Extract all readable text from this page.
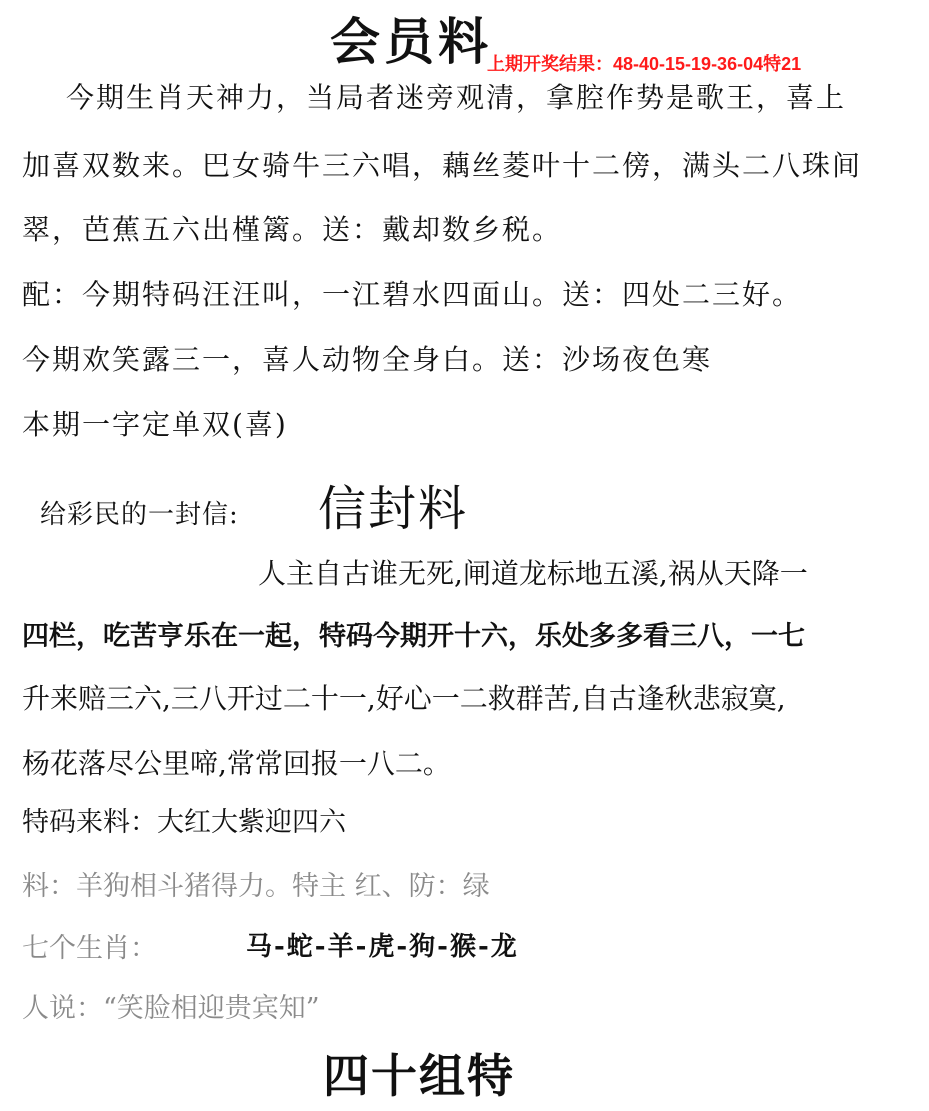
会员料
上期开奖结果：48-40-15-19-36-04特21
今期生肖天神力，当局者迷旁观清，拿腔作势是歌王，喜上
加喜双数来。巴女骑牛三六唱，藕丝菱叶十二傍，满头二八珠间
翠，芭蕉五六出槿篱。送：戴却数乡税。
配：今期特码汪汪叫，一江碧水四面山。送：四处二三好。
今期欢笑露三一，喜人动物全身白。送：沙场夜色寒
本期一字定单双(喜)
给彩民的一封信: 信封料
人主自古谁无死,闸道龙标地五溪,祸从天降一
四栏，吃苦亨乐在一起，特码今期开十六，乐处多多看三八，一七
升来赔三六,三八开过二十一,好心一二救群苦,自古逢秋悲寂寞,
杨花落尽公里啼,常常回报一八二。
特码来料：大红大紫迎四六
料：羊狗相斗猪得力。特主 红、防：绿
七个生肖：	马-蛇-羊-虎-狗-猴-龙
人说：“笑脸相迎贵宾知”
四十组特
